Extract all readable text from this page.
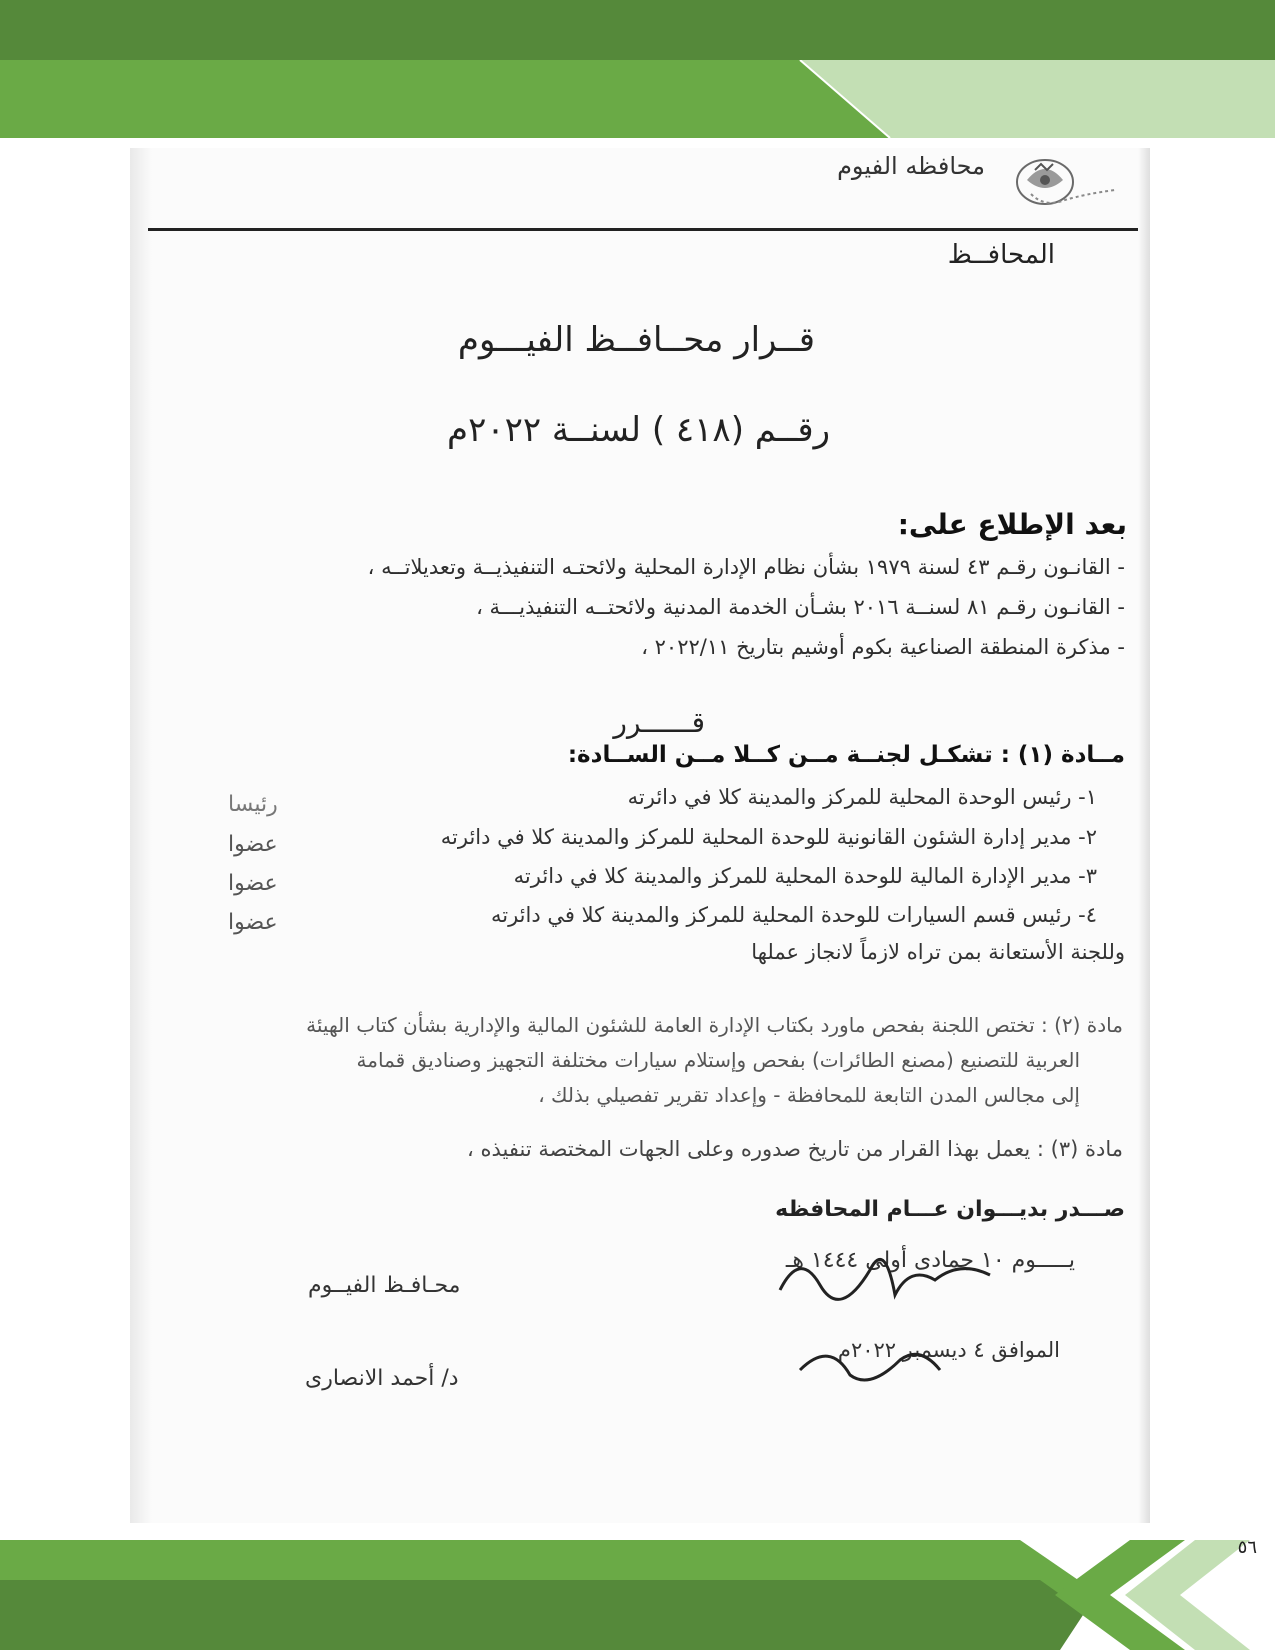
٥٦
محافظه الفيوم
المحافــظ
قــرار محــافــظ الفيـــوم
رقــم (٤١٨ ) لسنــة ٢٠٢٢م
بعد الإطلاع على:
- القانـون رقـم ٤٣ لسنة ١٩٧٩ بشأن نظام الإدارة المحلية ولائحتـه التنفيذيــة وتعديلاتــه ،
- القانـون رقـم ٨١ لسنــة ٢٠١٦ بشـأن الخدمة المدنية ولائحتــه التنفيذيـــة ،
- مذكرة المنطقة الصناعية بكوم أوشيم بتاريخ ٢٠٢٢/١١ ،
قــــــرر
مــادة (١) : تشكـل لجنــة مــن كــلا مــن الســادة:
١- رئيس الوحدة المحلية للمركز والمدينة كلا في دائرته
رئيسا
٢- مدير إدارة الشئون القانونية للوحدة المحلية للمركز والمدينة كلا في دائرته
عضوا
٣- مدير الإدارة المالية للوحدة المحلية للمركز والمدينة كلا في دائرته
عضوا
٤- رئيس قسم السيارات للوحدة المحلية للمركز والمدينة كلا في دائرته
عضوا
وللجنة الأستعانة بمن تراه لازماً لانجاز عملها
مادة (٢) : تختص اللجنة بفحص ماورد بكتاب الإدارة العامة للشئون المالية والإدارية بشأن كتاب الهيئة
العربية للتصنيع (مصنع الطائرات) بفحص وإستلام سيارات مختلفة التجهيز وصناديق قمامة
إلى مجالس المدن التابعة للمحافظة - وإعداد تقرير تفصيلي بذلك ،
مادة (٣) : يعمل بهذا القرار من تاريخ صدوره وعلى الجهات المختصة تنفيذه ،
صـــدر بديـــوان عـــام المحافظه
يـــــوم ١٠ جمادى أولى ١٤٤٤ هـ
الموافق ٤ ديسمبر ٢٠٢٢م
محـافـظ الفيــوم
د/ أحمد الانصارى
